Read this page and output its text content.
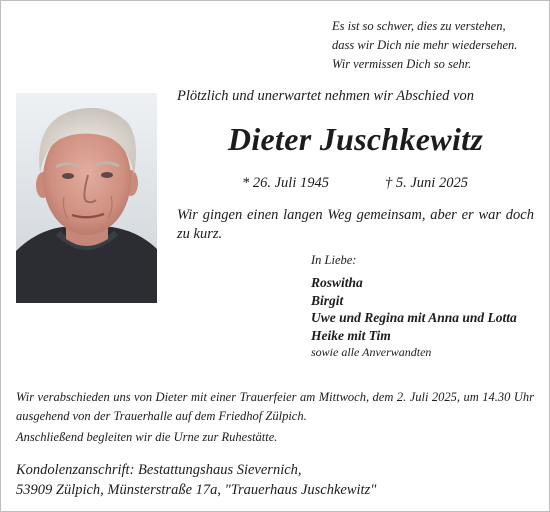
Es ist so schwer, dies zu verstehen,
dass wir Dich nie mehr wiedersehen.
Wir vermissen Dich so sehr.
Plötzlich und unerwartet nehmen wir Abschied von
Dieter Juschkewitz
* 26. Juli 1945	† 5. Juni 2025
Wir gingen einen langen Weg gemeinsam, aber er war doch zu kurz.
In Liebe:
Roswitha
Birgit
Uwe und Regina mit Anna und Lotta
Heike mit Tim
sowie alle Anverwandten
Wir verabschieden uns von Dieter mit einer Trauerfeier am Mittwoch, dem 2. Juli 2025, um 14.30 Uhr ausgehend von der Trauerhalle auf dem Friedhof Zülpich.
Anschließend begleiten wir die Urne zur Ruhestätte.
Kondolenzanschrift: Bestattungshaus Sievernich,
53909 Zülpich, Münsterstraße 17a, "Trauerhaus Juschkewitz"
